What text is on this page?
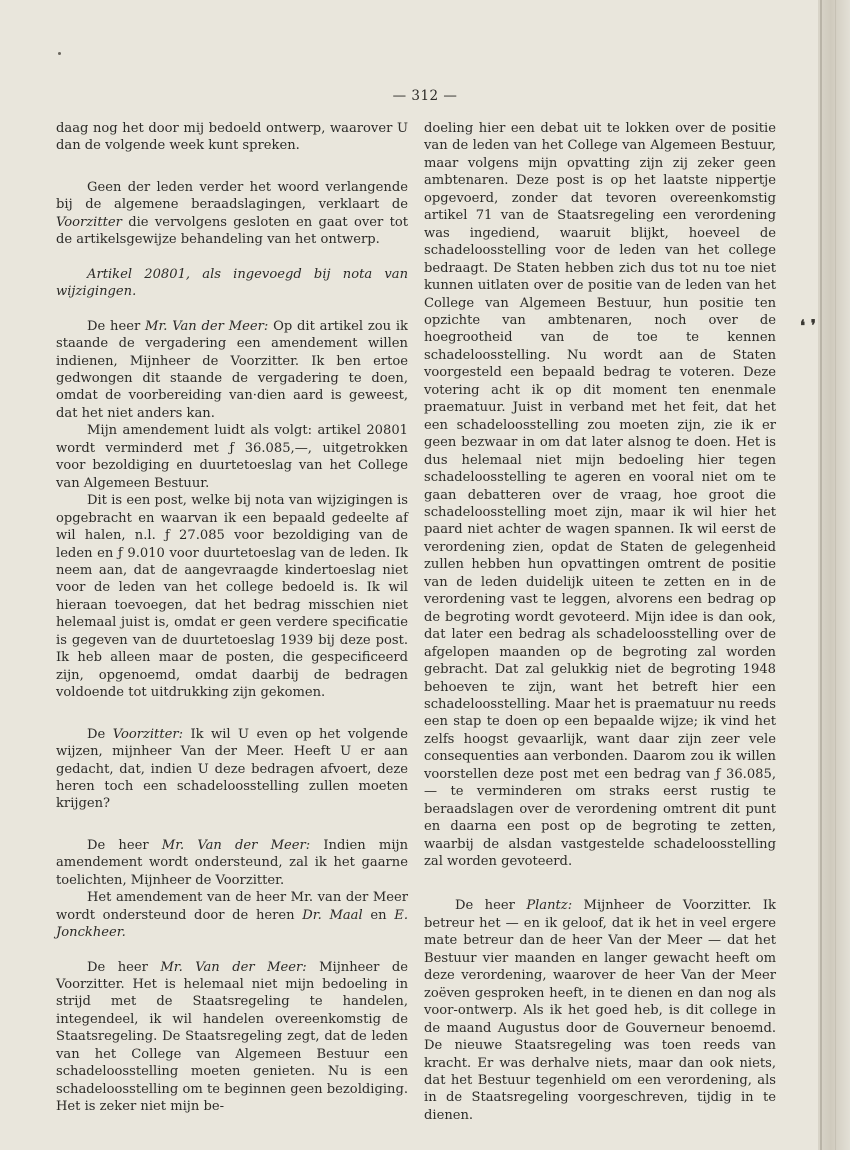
— 312 —

daag nog het door mij bedoeld ontwerp, waarover U dan de volgende week kunt spreken.

Geen der leden verder het woord verlangende bij de algemene beraadslagingen, verklaart de Voorzitter die vervolgens gesloten en gaat over tot de artikelsgewijze behandeling van het ontwerp.

Artikel 20801, als ingevoegd bij nota van wijzigingen.

De heer Mr. Van der Meer: Op dit artikel zou ik staande de vergadering een amendement willen indienen, Mijnheer de Voorzitter. Ik ben ertoe gedwongen dit staande de vergadering te doen, omdat de voorbereiding van·dien aard is geweest, dat het niet anders kan.

Mijn amendement luidt als volgt: artikel 20801 wordt verminderd met ƒ 36.085,—, uitgetrokken voor bezoldiging en duurtetoeslag van het College van Algemeen Bestuur.

Dit is een post, welke bij nota van wijzigingen is opgebracht en waarvan ik een bepaald gedeelte af wil halen, n.l. ƒ 27.085 voor bezoldiging van de leden en ƒ 9.010 voor duurtetoeslag van de leden. Ik neem aan, dat de aangevraagde kindertoeslag niet voor de leden van het college bedoeld is. Ik wil hieraan toevoegen, dat het bedrag misschien niet helemaal juist is, omdat er geen verdere specificatie is gegeven van de duurtetoeslag 1939 bij deze post. Ik heb alleen maar de posten, die gespecificeerd zijn, opgenoemd, omdat daarbij de bedragen voldoende tot uitdrukking zijn gekomen.

De Voorzitter: Ik wil U even op het volgende wijzen, mijnheer Van der Meer. Heeft U er aan gedacht, dat, indien U deze bedragen afvoert, deze heren toch een schadeloosstelling zullen moeten krijgen?

De heer Mr. Van der Meer: Indien mijn amendement wordt ondersteund, zal ik het gaarne toelichten, Mijnheer de Voorzitter.

Het amendement van de heer Mr. van der Meer wordt ondersteund door de heren Dr. Maal en E. Jonckheer.

De heer Mr. Van der Meer: Mijnheer de Voorzitter. Het is helemaal niet mijn bedoeling in strijd met de Staatsregeling te handelen, integendeel, ik wil handelen overeenkomstig de Staatsregeling. De Staatsregeling zegt, dat de leden van het College van Algemeen Bestuur een schadeloosstelling moeten genieten. Nu is een schadeloosstelling om te beginnen geen bezoldiging. Het is zeker niet mijn be-

doeling hier een debat uit te lokken over de positie van de leden van het College van Algemeen Bestuur, maar volgens mijn opvatting zijn zij zeker geen ambtenaren. Deze post is op het laatste nippertje opgevoerd, zonder dat tevoren overeenkomstig artikel 71 van de Staatsregeling een verordening was ingediend, waaruit blijkt, hoeveel de schadeloosstelling voor de leden van het college bedraagt. De Staten hebben zich dus tot nu toe niet kunnen uitlaten over de positie van de leden van het College van Algemeen Bestuur, hun positie ten opzichte van ambtenaren, noch over de hoegrootheid van de toe te kennen schadeloosstelling. Nu wordt aan de Staten voorgesteld een bepaald bedrag te voteren. Deze votering acht ik op dit moment ten enenmale praematuur. Juist in verband met het feit, dat het een schadeloosstelling zou moeten zijn, zie ik er geen bezwaar in om dat later alsnog te doen. Het is dus helemaal niet mijn bedoeling hier tegen schadeloosstelling te ageren en vooral niet om te gaan debatteren over de vraag, hoe groot die schadeloosstelling moet zijn, maar ik wil hier het paard niet achter de wagen spannen. Ik wil eerst de verordening zien, opdat de Staten de gelegenheid zullen hebben hun opvattingen omtrent de positie van de leden duidelijk uiteen te zetten en in de verordening vast te leggen, alvorens een bedrag op de begroting wordt gevoteerd. Mijn idee is dan ook, dat later een bedrag als schadeloosstelling over de afgelopen maanden op de begroting zal worden gebracht. Dat zal gelukkig niet de begroting 1948 behoeven te zijn, want het betreft hier een schadeloosstelling. Maar het is praematuur nu reeds een stap te doen op een bepaalde wijze; ik vind het zelfs hoogst gevaarlijk, want daar zijn zeer vele consequenties aan verbonden. Daarom zou ik willen voorstellen deze post met een bedrag van ƒ 36.085,— te verminderen om straks eerst rustig te beraadslagen over de verordening omtrent dit punt en daarna een post op de begroting te zetten, waarbij de alsdan vastgestelde schadeloosstelling zal worden gevoteerd.

De heer Plantz: Mijnheer de Voorzitter. Ik betreur het — en ik geloof, dat ik het in veel ergere mate betreur dan de heer Van der Meer — dat het Bestuur vier maanden en langer gewacht heeft om deze verordening, waarover de heer Van der Meer zoëven gesproken heeft, in te dienen en dan nog als voor-ontwerp. Als ik het goed heb, is dit college in de maand Augustus door de Gouverneur benoemd. De nieuwe Staatsregeling was toen reeds van kracht. Er was derhalve niets, maar dan ook niets, dat het Bestuur tegenhield om een verordening, als in de Staatsregeling voorgeschreven, tijdig in te dienen.

❛ ❜
